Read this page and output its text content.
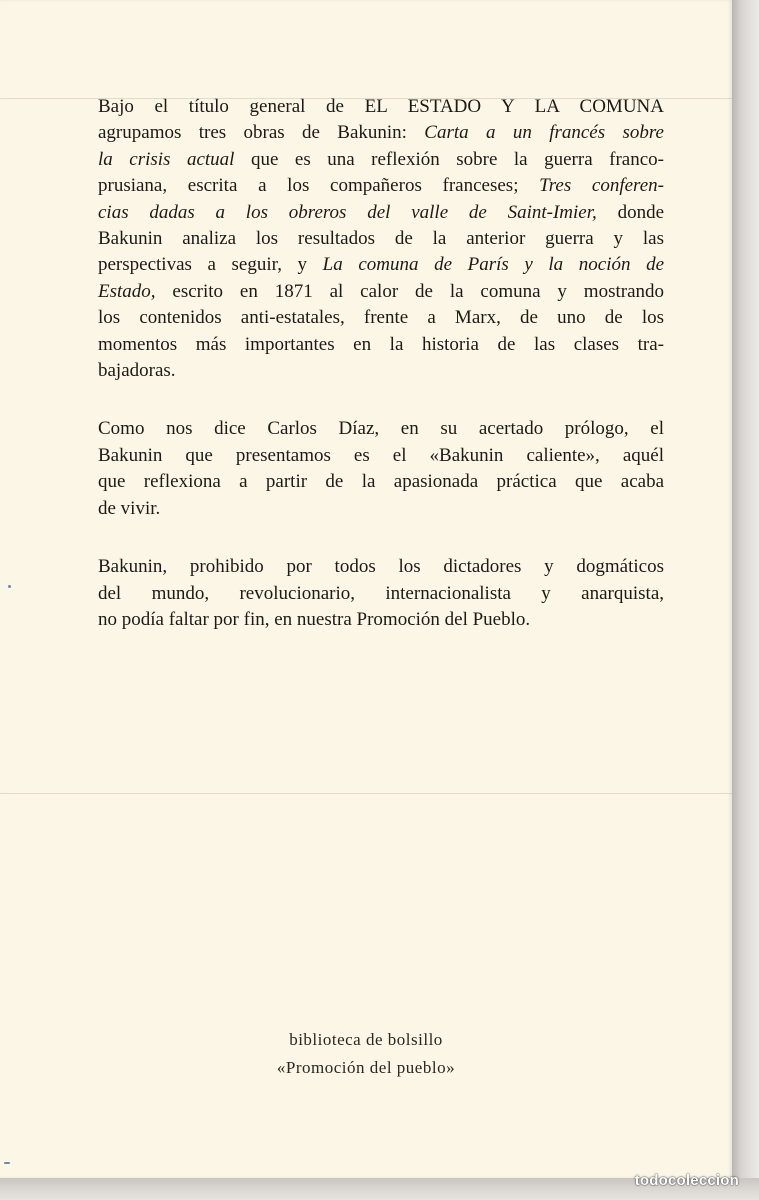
Bajo el título general de EL ESTADO Y LA COMUNA
agrupamos tres obras de Bakunin: Carta a un francés sobre
la crisis actual que es una reflexión sobre la guerra franco-
prusiana, escrita a los compañeros franceses; Tres conferen-
cias dadas a los obreros del valle de Saint-Imier, donde
Bakunin analiza los resultados de la anterior guerra y las
perspectivas a seguir, y La comuna de París y la noción de
Estado, escrito en 1871 al calor de la comuna y mostrando
los contenidos anti-estatales, frente a Marx, de uno de los
momentos más importantes en la historia de las clases tra-
bajadoras.

Como nos dice Carlos Díaz, en su acertado prólogo, el
Bakunin que presentamos es el «Bakunin caliente», aquél
que reflexiona a partir de la apasionada práctica que acaba
de vivir.

Bakunin, prohibido por todos los dictadores y dogmáticos
del mundo, revolucionario, internacionalista y anarquista,
no podía faltar por fin, en nuestra Promoción del Pueblo.

biblioteca de bolsillo
«Promoción del pueblo»
todocoleccion
